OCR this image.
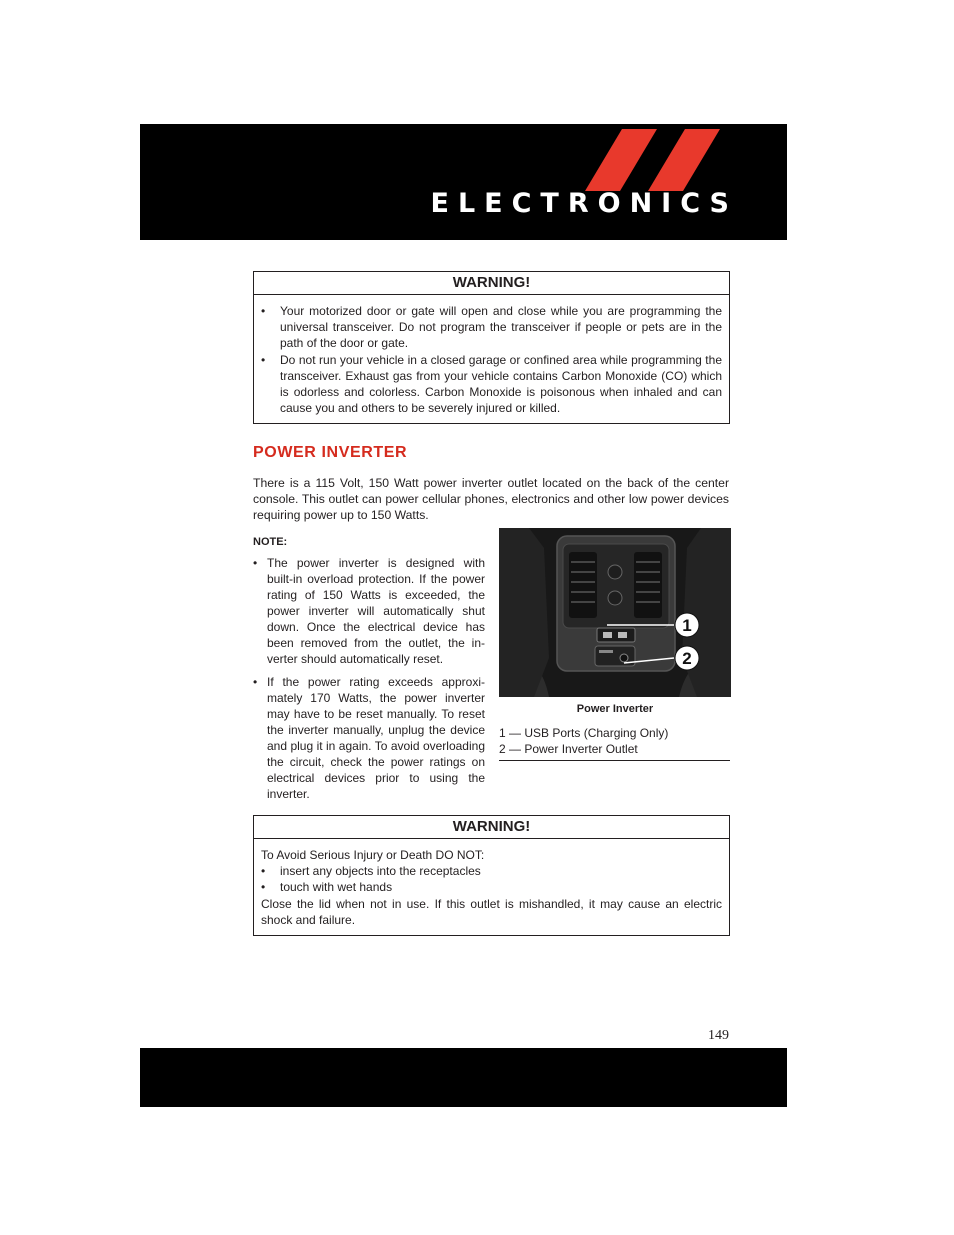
ELECTRONICS
WARNING!
• Your motorized door or gate will open and close while you are programming the universal transceiver. Do not program the transceiver if people or pets are in the path of the door or gate.
• Do not run your vehicle in a closed garage or confined area while programming the transceiver. Exhaust gas from your vehicle contains Carbon Monoxide (CO) which is odorless and colorless. Carbon Monoxide is poisonous when inhaled and can cause you and others to be severely injured or killed.
POWER INVERTER
There is a 115 Volt, 150 Watt power inverter outlet located on the back of the center console. This outlet can power cellular phones, electronics and other low power devices requiring power up to 150 Watts.
NOTE:
• The power inverter is designed with built-in overload protection. If the power rating of 150 Watts is exceeded, the power inverter will automatically shut down. Once the electrical device has been removed from the outlet, the in-verter should automatically reset.
• If the power rating exceeds approxi-mately 170 Watts, the power inverter may have to be reset manually. To reset the inverter manually, unplug the device and plug it in again. To avoid overloading the circuit, check the power ratings on electrical devices prior to using the inverter.
1
2
Power Inverter
1 — USB Ports (Charging Only)
2 — Power Inverter Outlet
WARNING!
To Avoid Serious Injury or Death DO NOT:
• insert any objects into the receptacles
• touch with wet hands
Close the lid when not in use. If this outlet is mishandled, it may cause an electric shock and failure.
149
